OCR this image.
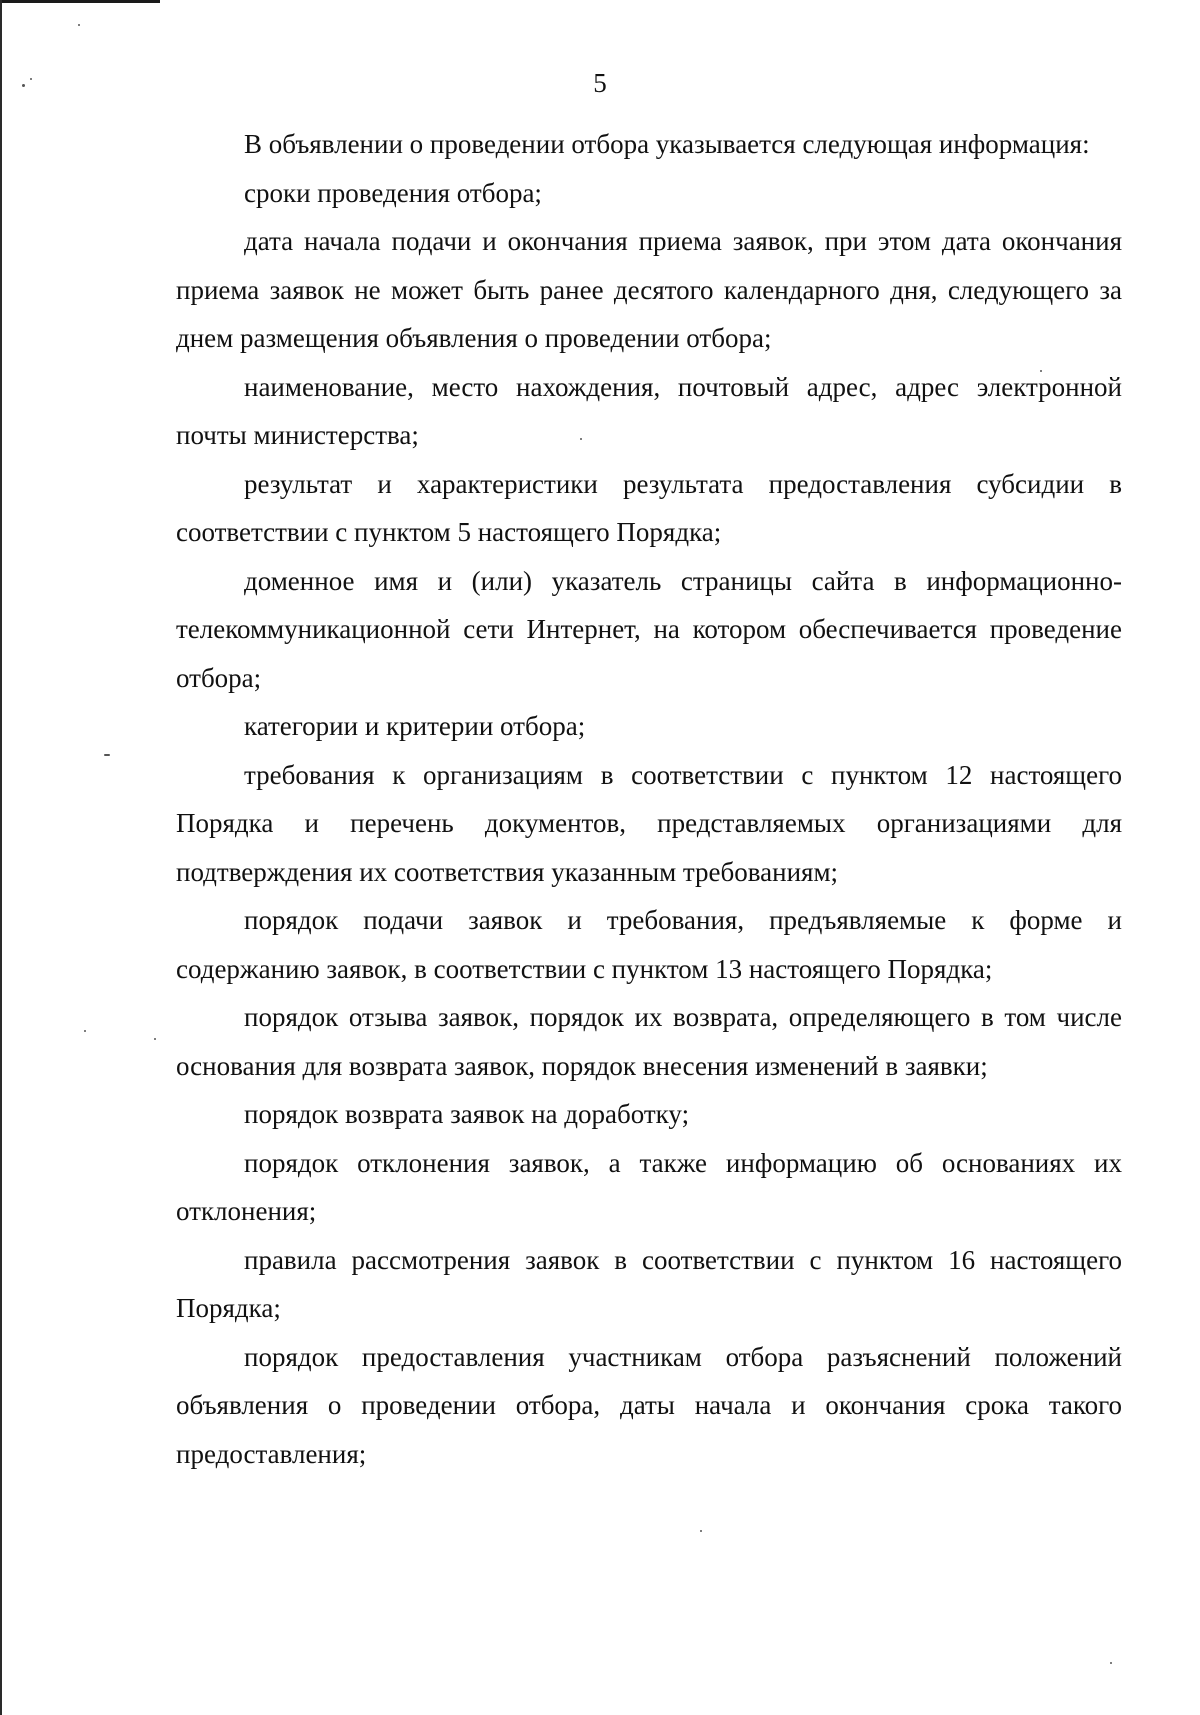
5

В объявлении о проведении отбора указывается следующая информация:

сроки проведения отбора;

дата начала подачи и окончания приема заявок, при этом дата окончания приема заявок не может быть ранее десятого календарного дня, следующего за днем размещения объявления о проведении отбора;

наименование, место нахождения, почтовый адрес, адрес электронной почты министерства;

результат и характеристики результата предоставления субсидии в соответствии с пунктом 5 настоящего Порядка;

доменное имя и (или) указатель страницы сайта в информационно-телекоммуникационной сети Интернет, на котором обеспечивается проведение отбора;

категории и критерии отбора;

требования к организациям в соответствии с пунктом 12 настоящего Порядка и перечень документов, представляемых организациями для подтверждения их соответствия указанным требованиям;

порядок подачи заявок и требования, предъявляемые к форме и содержанию заявок, в соответствии с пунктом 13 настоящего Порядка;

порядок отзыва заявок, порядок их возврата, определяющего в том числе основания для возврата заявок, порядок внесения изменений в заявки;

порядок возврата заявок на доработку;

порядок отклонения заявок, а также информацию об основаниях их отклонения;

правила рассмотрения заявок в соответствии с пунктом 16 настоящего Порядка;

порядок предоставления участникам отбора разъяснений положений объявления о проведении отбора, даты начала и окончания срока такого предоставления;
